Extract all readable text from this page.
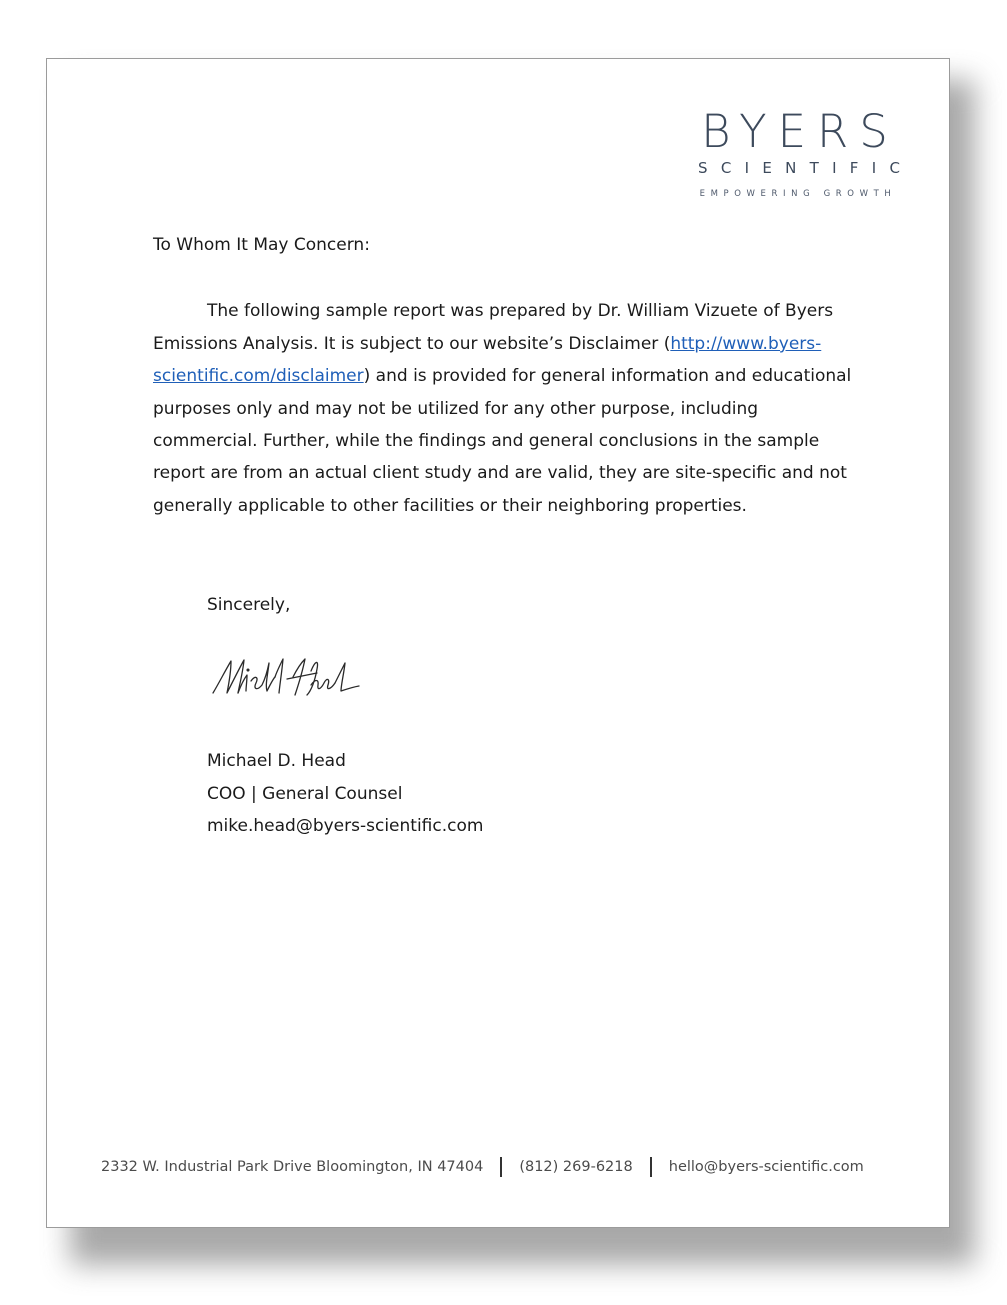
BYERS
SCIENTIFIC
EMPOWERING GROWTH

To Whom It May Concern:

The following sample report was prepared by Dr. William Vizuete of Byers Emissions Analysis. It is subject to our website’s Disclaimer (http://www.byers-scientific.com/disclaimer) and is provided for general information and educational purposes only and may not be utilized for any other purpose, including commercial. Further, while the findings and general conclusions in the sample report are from an actual client study and are valid, they are site-specific and not generally applicable to other facilities or their neighboring properties.

Sincerely,

Michael D. Head
COO | General Counsel
mike.head@byers-scientific.com
2332 W. Industrial Park Drive Bloomington, IN 47404 (812) 269-6218 hello@byers-scientific.com
